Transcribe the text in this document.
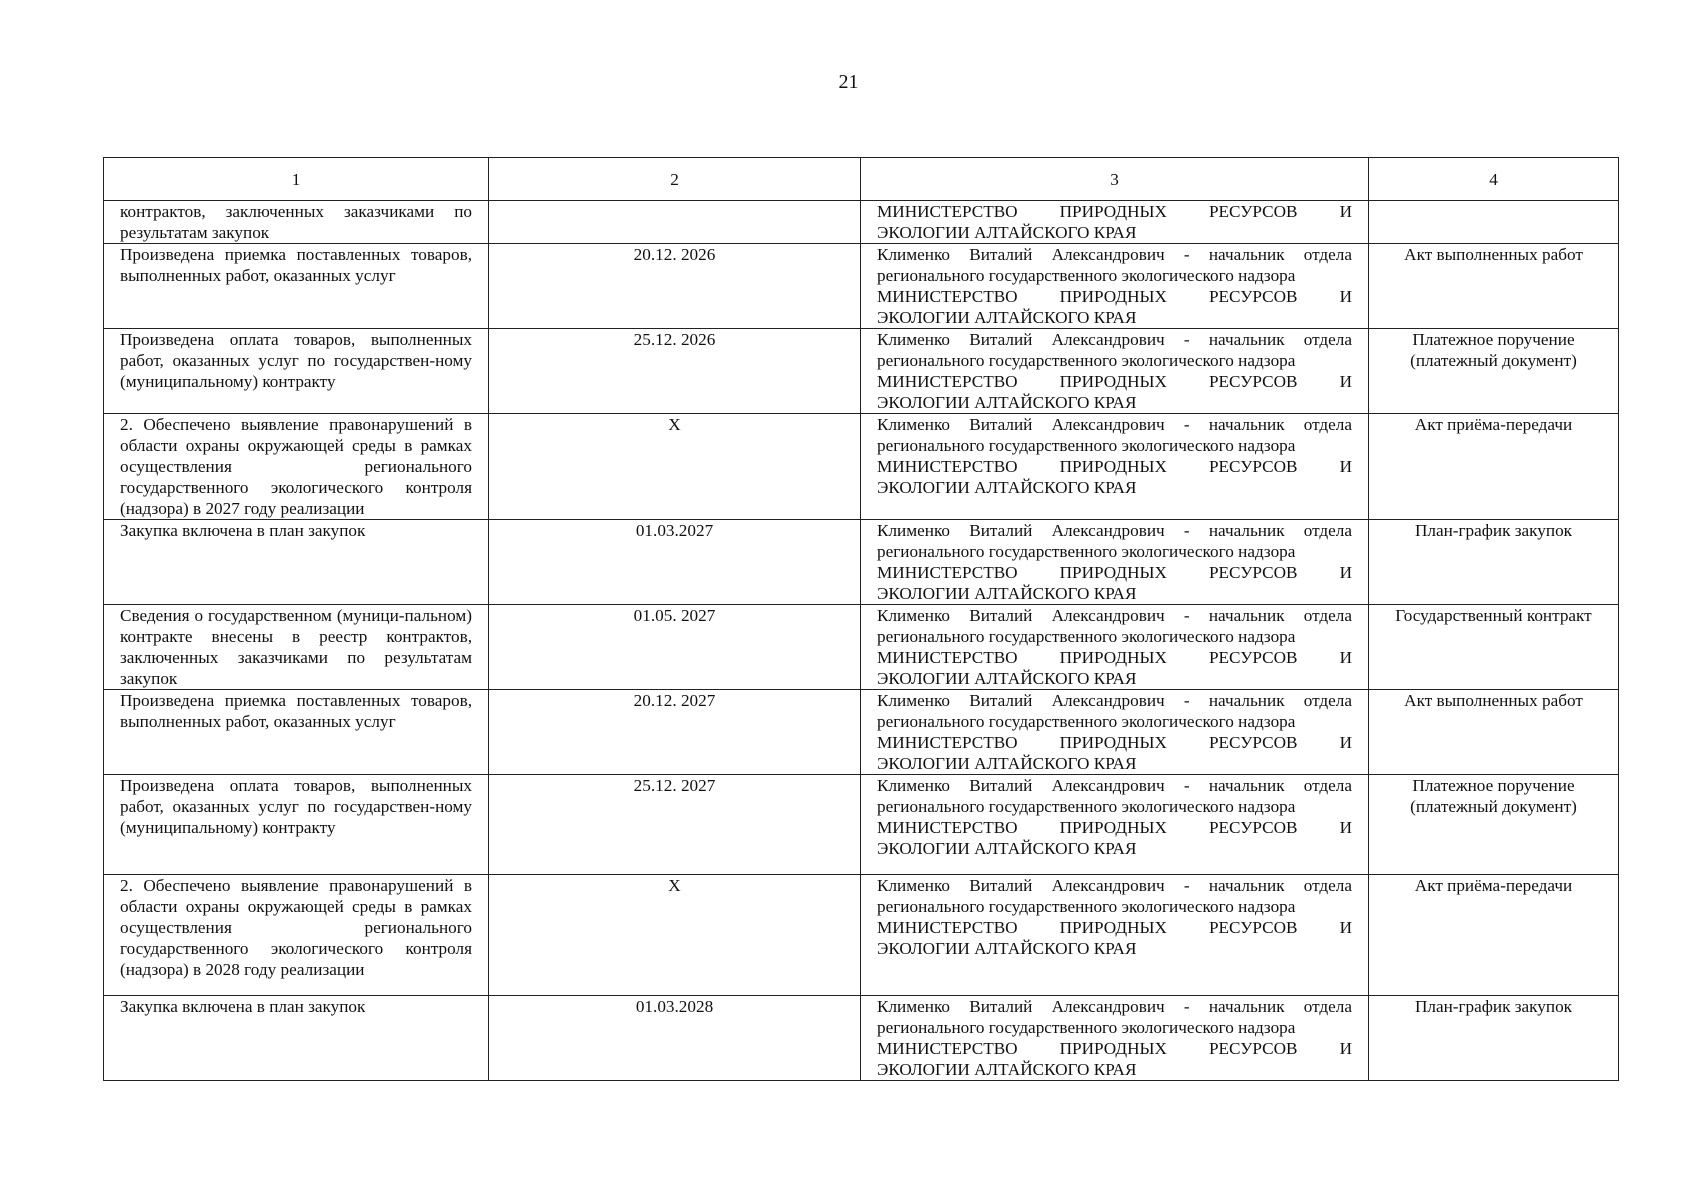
21
1	2	3	4
контрактов, заключенных заказчиками по результатам закупок		МИНИСТЕРСТВО ПРИРОДНЫХ РЕСУРСОВ И
ЭКОЛОГИИ АЛТАЙСКОГО КРАЯ	

Произведена приемка поставленных товаров, выполненных работ, оказанных услуг	20.12. 2026	Клименко Виталий Александрович - начальник отдела регионального государственного экологического надзора
МИНИСТЕРСТВО ПРИРОДНЫХ РЕСУРСОВ И
ЭКОЛОГИИ АЛТАЙСКОГО КРАЯ	Акт выполненных работ
Произведена оплата товаров, выполненных работ, оказанных услуг по государствен-ному (муниципальному) контракту	25.12. 2026	Клименко Виталий Александрович - начальник отдела регионального государственного экологического надзора
МИНИСТЕРСТВО ПРИРОДНЫХ РЕСУРСОВ И
ЭКОЛОГИИ АЛТАЙСКОГО КРАЯ	Платежное поручение (платежный документ)
2. Обеспечено выявление правонарушений в области охраны окружающей среды в рамках осуществления регионального государственного экологического контроля (надзора) в 2027 году реализации	X	Клименко Виталий Александрович - начальник отдела регионального государственного экологического надзора
МИНИСТЕРСТВО ПРИРОДНЫХ РЕСУРСОВ И
ЭКОЛОГИИ АЛТАЙСКОГО КРАЯ	Акт приёма-передачи
Закупка включена в план закупок	01.03.2027	Клименко Виталий Александрович - начальник отдела регионального государственного экологического надзора
МИНИСТЕРСТВО ПРИРОДНЫХ РЕСУРСОВ И
ЭКОЛОГИИ АЛТАЙСКОГО КРАЯ	План-график закупок
Сведения о государственном (муници-пальном) контракте внесены в реестр контрактов, заключенных заказчиками по результатам закупок	01.05. 2027	Клименко Виталий Александрович - начальник отдела регионального государственного экологического надзора
МИНИСТЕРСТВО ПРИРОДНЫХ РЕСУРСОВ И
ЭКОЛОГИИ АЛТАЙСКОГО КРАЯ	Государственный контракт
Произведена приемка поставленных товаров, выполненных работ, оказанных услуг	20.12. 2027	Клименко Виталий Александрович - начальник отдела регионального государственного экологического надзора
МИНИСТЕРСТВО ПРИРОДНЫХ РЕСУРСОВ И
ЭКОЛОГИИ АЛТАЙСКОГО КРАЯ	Акт выполненных работ
Произведена оплата товаров, выполненных работ, оказанных услуг по государствен-ному (муниципальному) контракту	25.12. 2027	Клименко Виталий Александрович - начальник отдела регионального государственного экологического надзора
МИНИСТЕРСТВО ПРИРОДНЫХ РЕСУРСОВ И
ЭКОЛОГИИ АЛТАЙСКОГО КРАЯ	Платежное поручение (платежный документ)
2. Обеспечено выявление правонарушений в области охраны окружающей среды в рамках осуществления регионального государственного экологического контроля (надзора) в 2028 году реализации	X	Клименко Виталий Александрович - начальник отдела регионального государственного экологического надзора
МИНИСТЕРСТВО ПРИРОДНЫХ РЕСУРСОВ И
ЭКОЛОГИИ АЛТАЙСКОГО КРАЯ	Акт приёма-передачи
Закупка включена в план закупок	01.03.2028	Клименко Виталий Александрович - начальник отдела регионального государственного экологического надзора
МИНИСТЕРСТВО ПРИРОДНЫХ РЕСУРСОВ И
ЭКОЛОГИИ АЛТАЙСКОГО КРАЯ	План-график закупок
